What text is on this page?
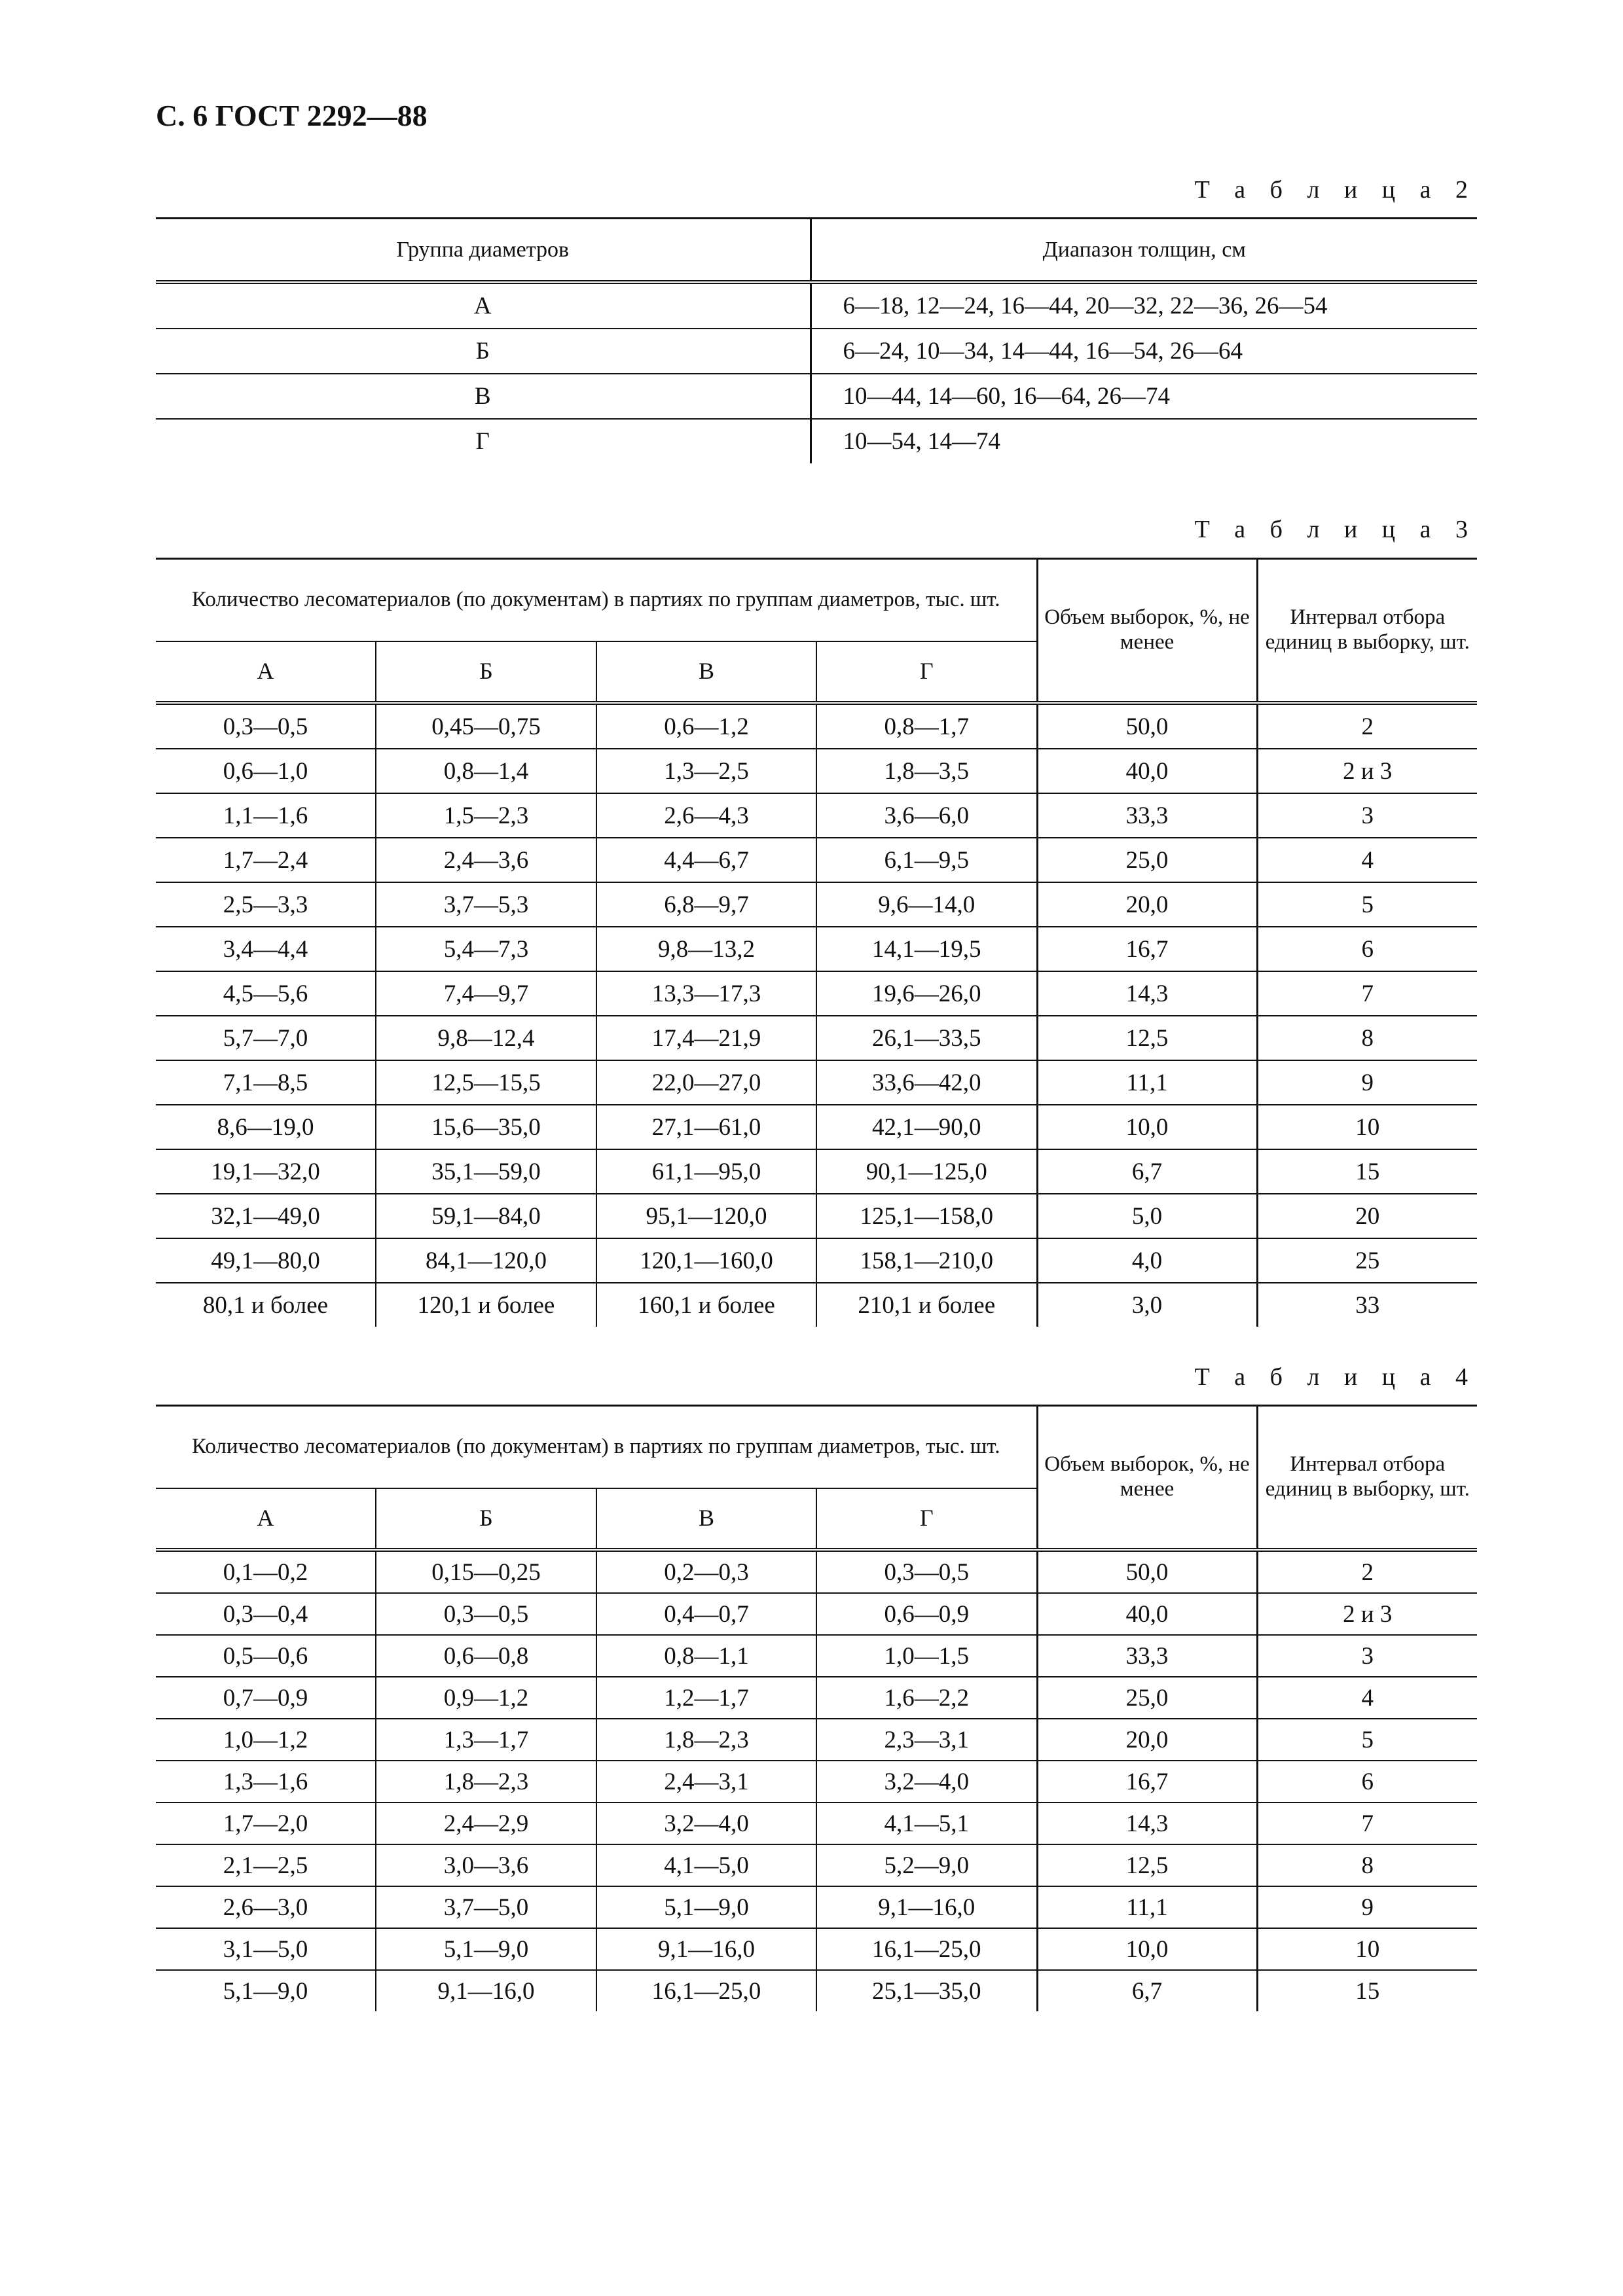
С. 6 ГОСТ 2292—88
Т а б л и ц а 2
Группа диаметров	Диапазон толщин, см
А	6—18, 12—24, 16—44, 20—32, 22—36, 26—54
Б	6—24, 10—34, 14—44, 16—54, 26—64
В	10—44, 14—60, 16—64, 26—74
Г	10—54, 14—74
Т а б л и ц а 3
Количество лесоматериалов (по документам) в партиях по группам диаметров, тыс. шт.				Объем выборок, %, не менее	Интервал отбора единиц в выборку, шт.
А	Б	В	Г		
0,3—0,5	0,45—0,75	0,6—1,2	0,8—1,7	50,0	2
0,6—1,0	0,8—1,4	1,3—2,5	1,8—3,5	40,0	2 и 3
1,1—1,6	1,5—2,3	2,6—4,3	3,6—6,0	33,3	3
1,7—2,4	2,4—3,6	4,4—6,7	6,1—9,5	25,0	4
2,5—3,3	3,7—5,3	6,8—9,7	9,6—14,0	20,0	5
3,4—4,4	5,4—7,3	9,8—13,2	14,1—19,5	16,7	6
4,5—5,6	7,4—9,7	13,3—17,3	19,6—26,0	14,3	7
5,7—7,0	9,8—12,4	17,4—21,9	26,1—33,5	12,5	8
7,1—8,5	12,5—15,5	22,0—27,0	33,6—42,0	11,1	9
8,6—19,0	15,6—35,0	27,1—61,0	42,1—90,0	10,0	10
19,1—32,0	35,1—59,0	61,1—95,0	90,1—125,0	6,7	15
32,1—49,0	59,1—84,0	95,1—120,0	125,1—158,0	5,0	20
49,1—80,0	84,1—120,0	120,1—160,0	158,1—210,0	4,0	25
80,1 и более	120,1 и более	160,1 и более	210,1 и более	3,0	33
Т а б л и ц а 4
Количество лесоматериалов (по документам) в партиях по группам диаметров, тыс. шт.				Объем выборок, %, не менее	Интервал отбора единиц в выборку, шт.
А	Б	В	Г		
0,1—0,2	0,15—0,25	0,2—0,3	0,3—0,5	50,0	2
0,3—0,4	0,3—0,5	0,4—0,7	0,6—0,9	40,0	2 и 3
0,5—0,6	0,6—0,8	0,8—1,1	1,0—1,5	33,3	3
0,7—0,9	0,9—1,2	1,2—1,7	1,6—2,2	25,0	4
1,0—1,2	1,3—1,7	1,8—2,3	2,3—3,1	20,0	5
1,3—1,6	1,8—2,3	2,4—3,1	3,2—4,0	16,7	6
1,7—2,0	2,4—2,9	3,2—4,0	4,1—5,1	14,3	7
2,1—2,5	3,0—3,6	4,1—5,0	5,2—9,0	12,5	8
2,6—3,0	3,7—5,0	5,1—9,0	9,1—16,0	11,1	9
3,1—5,0	5,1—9,0	9,1—16,0	16,1—25,0	10,0	10
5,1—9,0	9,1—16,0	16,1—25,0	25,1—35,0	6,7	15
